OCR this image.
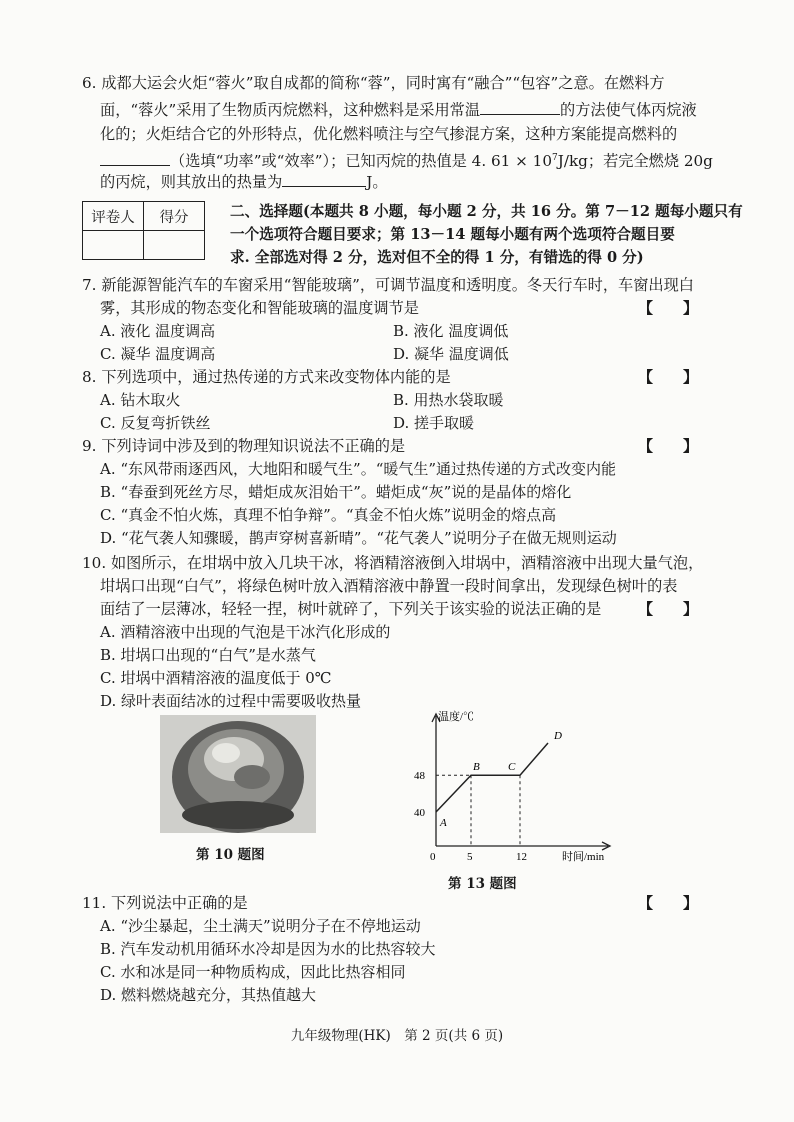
6. 成都大运会火炬“蓉火”取自成都的简称“蓉”，同时寓有“融合”“包容”之意。在燃料方
面，“蓉火”采用了生物质丙烷燃料，这种燃料是采用常温	的方法使气体丙烷液
化的；火炬结合它的外形特点，优化燃料喷注与空气掺混方案，这种方案能提高燃料的
（选填“功率”或“效率”）；已知丙烷的热值是 4. $61 \times 10^7J/kg$；若完全燃烧 20g
的丙烷，则其放出的热量为	J。
评卷人	得分
		二、选择题(本题共 8 小题，每小题 2 分，共 16 分。第 7－12 题每小题只有
一个选项符合题目要求；第 13－14 题每小题有两个选项符合题目要
求. 全部选对得 2 分，选对但不全的得 1 分，有错选的得 0 分)
7. 新能源智能汽车的车窗采用“智能玻璃”，可调节温度和透明度。冬天行车时，车窗出现白
雾，其形成的物态变化和智能玻璃的温度调节是	【　　】
A. 液化 温度调高	B. 液化 温度调低
C. 凝华 温度调高	D. 凝华 温度调低
8. 下列选项中，通过热传递的方式来改变物体内能的是	【　　】
A. 钻木取火	B. 用热水袋取暖
C. 反复弯折铁丝	D. 搓手取暖
9. 下列诗词中涉及到的物理知识说法不正确的是	【　　】
A. “东风带雨逐西风，大地阳和暖气生”。“暖气生”通过热传递的方式改变内能
B. “春蚕到死丝方尽，蜡炬成灰泪始干”。蜡炬成“灰”说的是晶体的熔化
C. “真金不怕火炼，真理不怕争辩”。“真金不怕火炼”说明金的熔点高
D. “花气袭人知骤暖，鹊声穿树喜新晴”。“花气袭人”说明分子在做无规则运动
10. 如图所示，在坩埚中放入几块干冰，将酒精溶液倒入坩埚中，酒精溶液中出现大量气泡，
坩埚口出现“白气”，将绿色树叶放入酒精溶液中静置一段时间拿出，发现绿色树叶的表
面结了一层薄冰，轻轻一捏，树叶就碎了，下列关于该实验的说法正确的是 【　　】
A. 酒精溶液中出现的气泡是干冰汽化形成的
B. 坩埚口出现的“白气”是水蒸气
C. 坩埚中酒精溶液的温度低于 0℃
D. 绿叶表面结冰的过程中需要吸收热量
第 10 题图
温度/℃
时间/min
0
48
40
5	12
A
B	C
D
第 13 题图
11. 下列说法中正确的是	【　　】
A. “沙尘暴起，尘土满天”说明分子在不停地运动
B. 汽车发动机用循环水冷却是因为水的比热容较大
C. 水和冰是同一种物质构成，因此比热容相同
D. 燃料燃烧越充分，其热值越大
九年级物理(HK)　第 2 页(共 6 页)
